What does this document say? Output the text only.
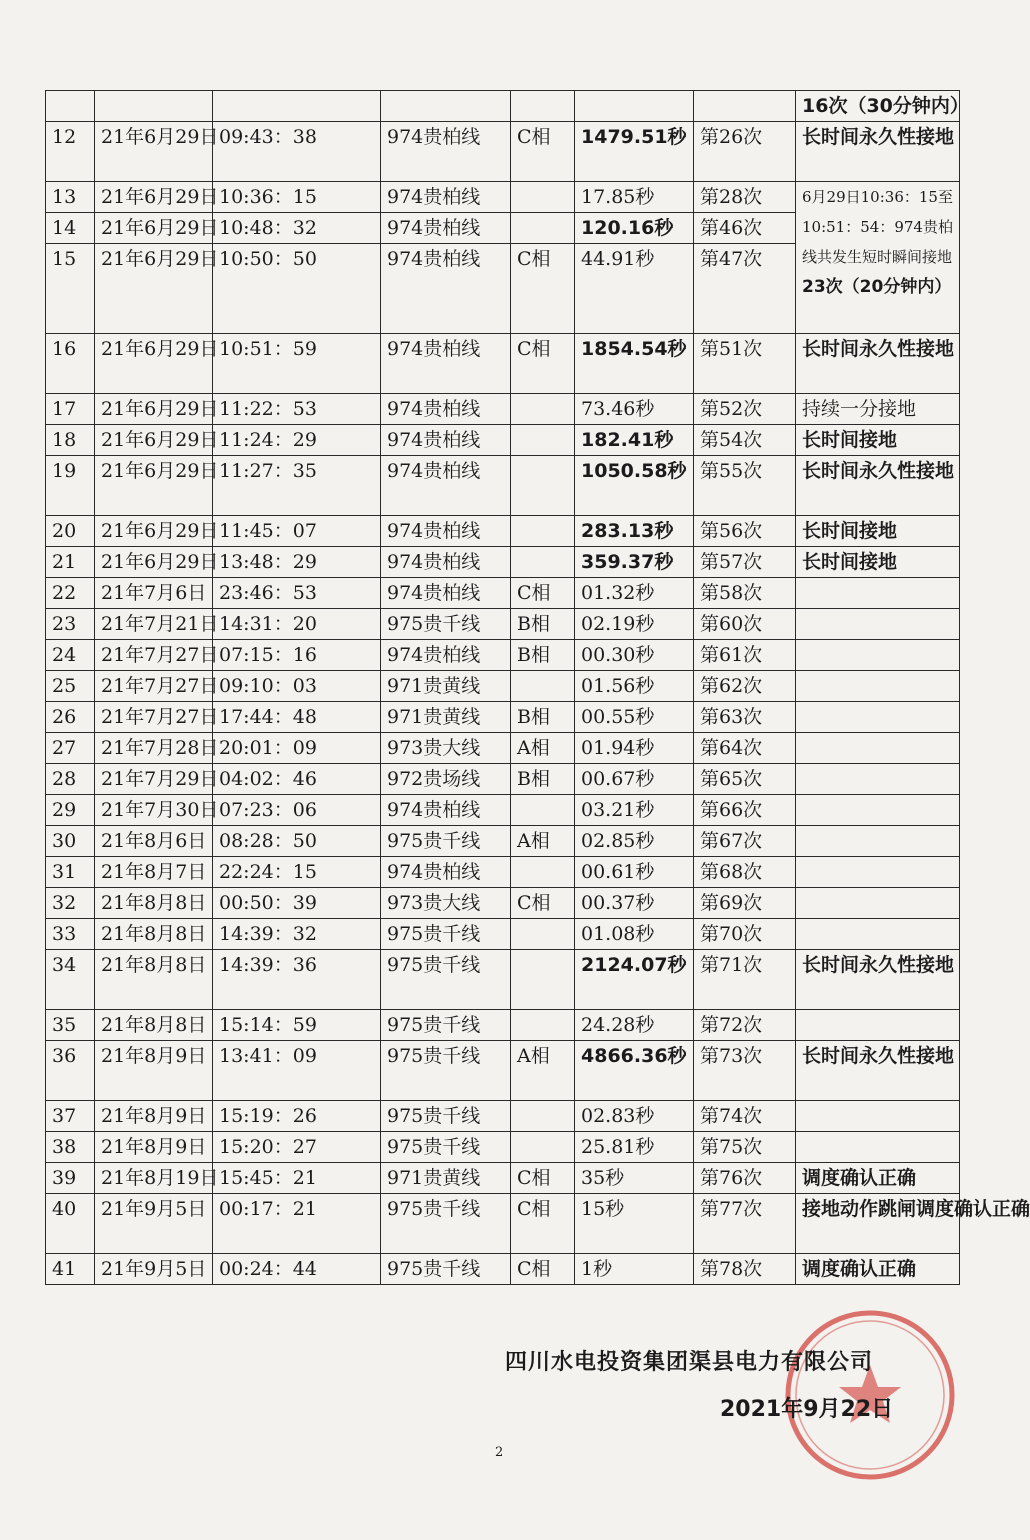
							16次（30分钟内）
12	21年6月29日	09:43：38	974贵柏线	C相	1479.51秒	第26次	长时间永久性接地
13	21年6月29日	10:36：15	974贵柏线		17.85秒	第28次	6月29日10:36：15至10:51：54：974贵柏线共发生短时瞬间接地
23次（20分钟内）
14	21年6月29日	10:48：32	974贵柏线		120.16秒	第46次	
15	21年6月29日	10:50：50	974贵柏线	C相	44.91秒	第47次	
16	21年6月29日	10:51：59	974贵柏线	C相	1854.54秒	第51次	长时间永久性接地
17	21年6月29日	11:22：53	974贵柏线		73.46秒	第52次	持续一分接地
18	21年6月29日	11:24：29	974贵柏线		182.41秒	第54次	长时间接地
19	21年6月29日	11:27：35	974贵柏线		1050.58秒	第55次	长时间永久性接地
20	21年6月29日	11:45：07	974贵柏线		283.13秒	第56次	长时间接地
21	21年6月29日	13:48：29	974贵柏线		359.37秒	第57次	长时间接地
22	21年7月6日	23:46：53	974贵柏线	C相	01.32秒	第58次	
23	21年7月21日	14:31：20	975贵千线	B相	02.19秒	第60次	
24	21年7月27日	07:15：16	974贵柏线	B相	00.30秒	第61次	
25	21年7月27日	09:10：03	971贵黄线		01.56秒	第62次	
26	21年7月27日	17:44：48	971贵黄线	B相	00.55秒	第63次	
27	21年7月28日	20:01：09	973贵大线	A相	01.94秒	第64次	
28	21年7月29日	04:02：46	972贵场线	B相	00.67秒	第65次	
29	21年7月30日	07:23：06	974贵柏线		03.21秒	第66次	
30	21年8月6日	08:28：50	975贵千线	A相	02.85秒	第67次	
31	21年8月7日	22:24：15	974贵柏线		00.61秒	第68次	
32	21年8月8日	00:50：39	973贵大线	C相	00.37秒	第69次	
33	21年8月8日	14:39：32	975贵千线		01.08秒	第70次	
34	21年8月8日	14:39：36	975贵千线		2124.07秒	第71次	长时间永久性接地
35	21年8月8日	15:14：59	975贵千线		24.28秒	第72次	
36	21年8月9日	13:41：09	975贵千线	A相	4866.36秒	第73次	长时间永久性接地
37	21年8月9日	15:19：26	975贵千线		02.83秒	第74次	
38	21年8月9日	15:20：27	975贵千线		25.81秒	第75次	
39	21年8月19日	15:45：21	971贵黄线	C相	35秒	第76次	调度确认正确
40	21年9月5日	00:17：21	975贵千线	C相	15秒	第77次	接地动作跳闸调度确认正确
41	21年9月5日	00:24：44	975贵千线	C相	1秒	第78次	调度确认正确
四川水电投资集团渠县电力有限公司
2021年9月22日
2
